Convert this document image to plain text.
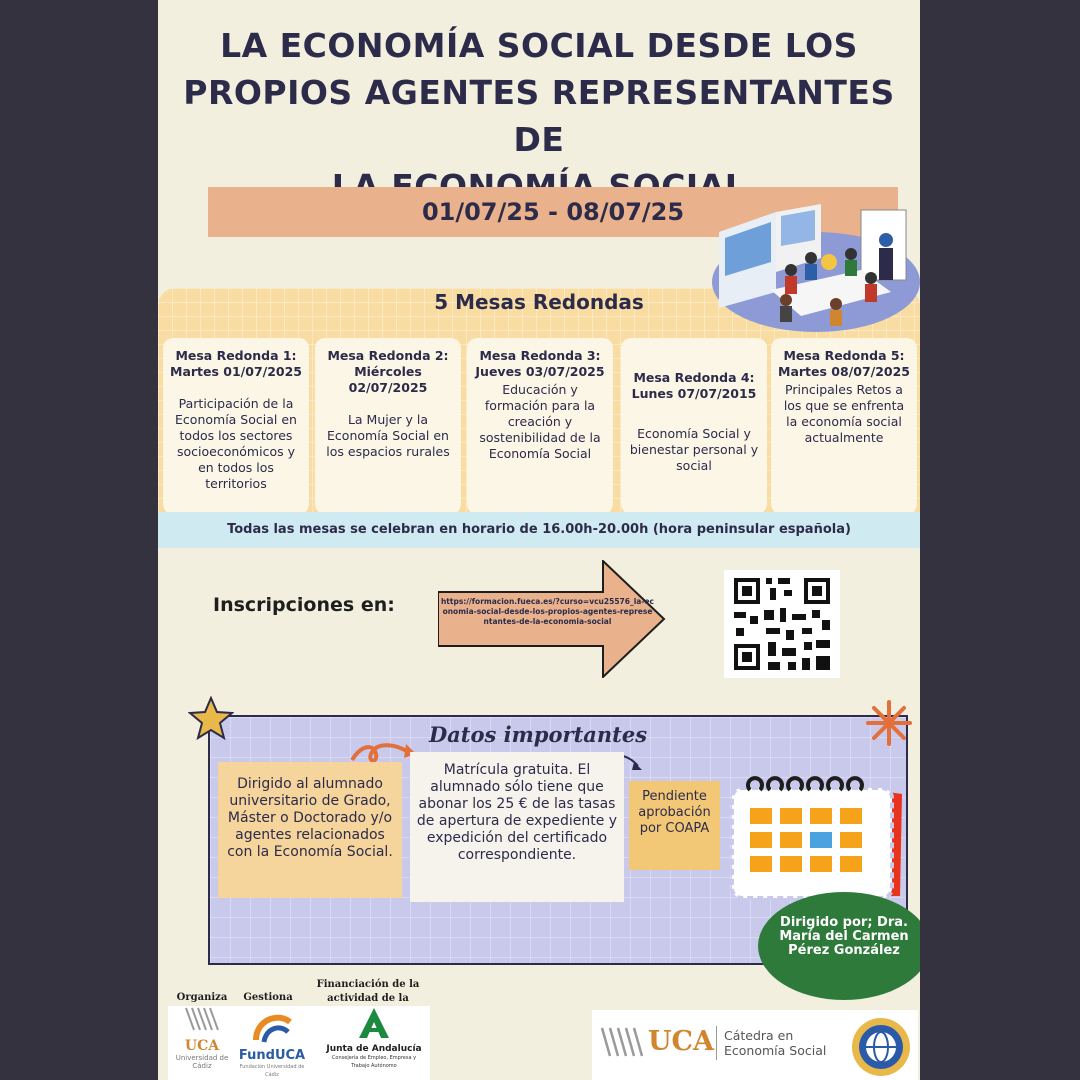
LA ECONOMÍA SOCIAL DESDE LOS
PROPIOS AGENTES REPRESENTANTES DE
01/07/25 - 08/07/25
5 Mesas Redondas
Mesa Redonda 1: Martes 01/07/2025
Participación de la Economía Social en todos los sectores socioeconómicos y en todos los territorios
Mesa Redonda 2: Miércoles 02/07/2025
La Mujer y la Economía Social en los espacios rurales
Mesa Redonda 3: Jueves 03/07/2025
Educación y formación para la creación y sostenibilidad de la Economía Social
Mesa Redonda 4: Lunes 07/07/2015
Economía Social y bienestar personal y social
Mesa Redonda 5: Martes 08/07/2025
Principales Retos a los que se enfrenta la economía social actualmente
Todas las mesas se celebran en horario de 16.00h-20.00h (hora peninsular española)
Inscripciones en:	https://formacion.fueca.es/?curso=vcu25576_la-economia-social-desde-los-propios-agentes-representantes-de-la-economia-social
Datos importantes
Dirigido al alumnado universitario de Grado, Máster o Doctorado y/o agentes relacionados con la Economía Social.
Matrícula gratuita. El alumnado sólo tiene que abonar los 25 € de las tasas de apertura de expediente y expedición del certificado correspondiente.
Pendiente aprobación por COAPA
Dirigido por; Dra. María del Carmen Pérez González
Organiza	Gestiona
Financiación de la actividad de la
UCA
Universidad de Cádiz
FundUCA
Fundación Universidad de Cádiz
Junta de Andalucía
Consejería de Empleo, Empresa y Trabajo Autónomo
UCA Cátedra en Economía Social
